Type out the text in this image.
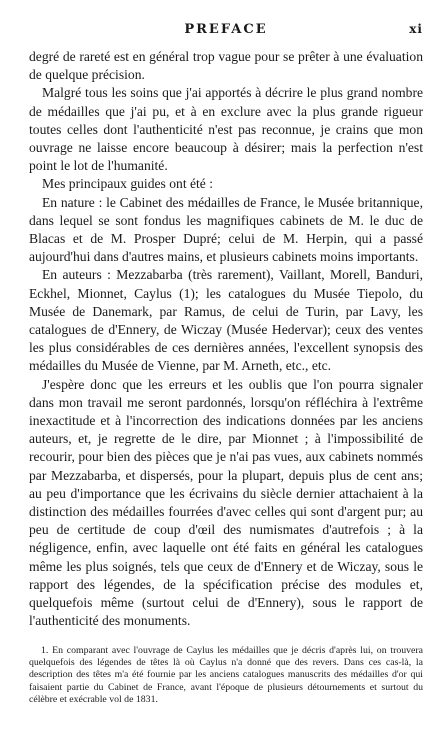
PREFACE	xi

degré de rareté est en général trop vague pour se prêter à une évaluation de quelque précision.

Malgré tous les soins que j'ai apportés à décrire le plus grand nombre de médailles que j'ai pu, et à en exclure avec la plus grande rigueur toutes celles dont l'authenticité n'est pas reconnue, je crains que mon ouvrage ne laisse encore beaucoup à désirer; mais la perfection n'est point le lot de l'humanité.

Mes principaux guides ont été :

En nature : le Cabinet des médailles de France, le Musée britannique, dans lequel se sont fondus les magnifiques cabinets de M. le duc de Blacas et de M. Prosper Dupré; celui de M. Herpin, qui a passé aujourd'hui dans d'autres mains, et plusieurs cabinets moins importants.

En auteurs : Mezzabarba (très rarement), Vaillant, Morell, Banduri, Eckhel, Mionnet, Caylus (1); les catalogues du Musée Tiepolo, du Musée de Danemark, par Ramus, de celui de Turin, par Lavy, les catalogues de d'Ennery, de Wiczay (Musée Hedervar); ceux des ventes les plus considérables de ces dernières années, l'excellent synopsis des médailles du Musée de Vienne, par M. Arneth, etc., etc.

J'espère donc que les erreurs et les oublis que l'on pourra signaler dans mon travail me seront pardonnés, lorsqu'on réfléchira à l'extrême inexactitude et à l'incorrection des indications données par les anciens auteurs, et, je regrette de le dire, par Mionnet ; à l'impossibilité de recourir, pour bien des pièces que je n'ai pas vues, aux cabinets nommés par Mezzabarba, et dispersés, pour la plupart, depuis plus de cent ans; au peu d'importance que les écrivains du siècle dernier attachaient à la distinction des médailles fourrées d'avec celles qui sont d'argent pur; au peu de certitude de coup d'œil des numismates d'autrefois ; à la négligence, enfin, avec laquelle ont été faits en général les catalogues même les plus soignés, tels que ceux de d'Ennery et de Wiczay, sous le rapport des légendes, de la spécification précise des modules et, quelquefois même (surtout celui de d'Ennery), sous le rapport de l'authenticité des monuments.

1. En comparant avec l'ouvrage de Caylus les médailles que je décris d'après lui, on trouvera quelquefois des légendes de têtes là où Caylus n'a donné que des revers. Dans ces cas-là, la description des têtes m'a été fournie par les anciens catalogues manuscrits des médailles d'or qui faisaient partie du Cabinet de France, avant l'époque de plusieurs détournements et surtout du célèbre et exécrable vol de 1831.
